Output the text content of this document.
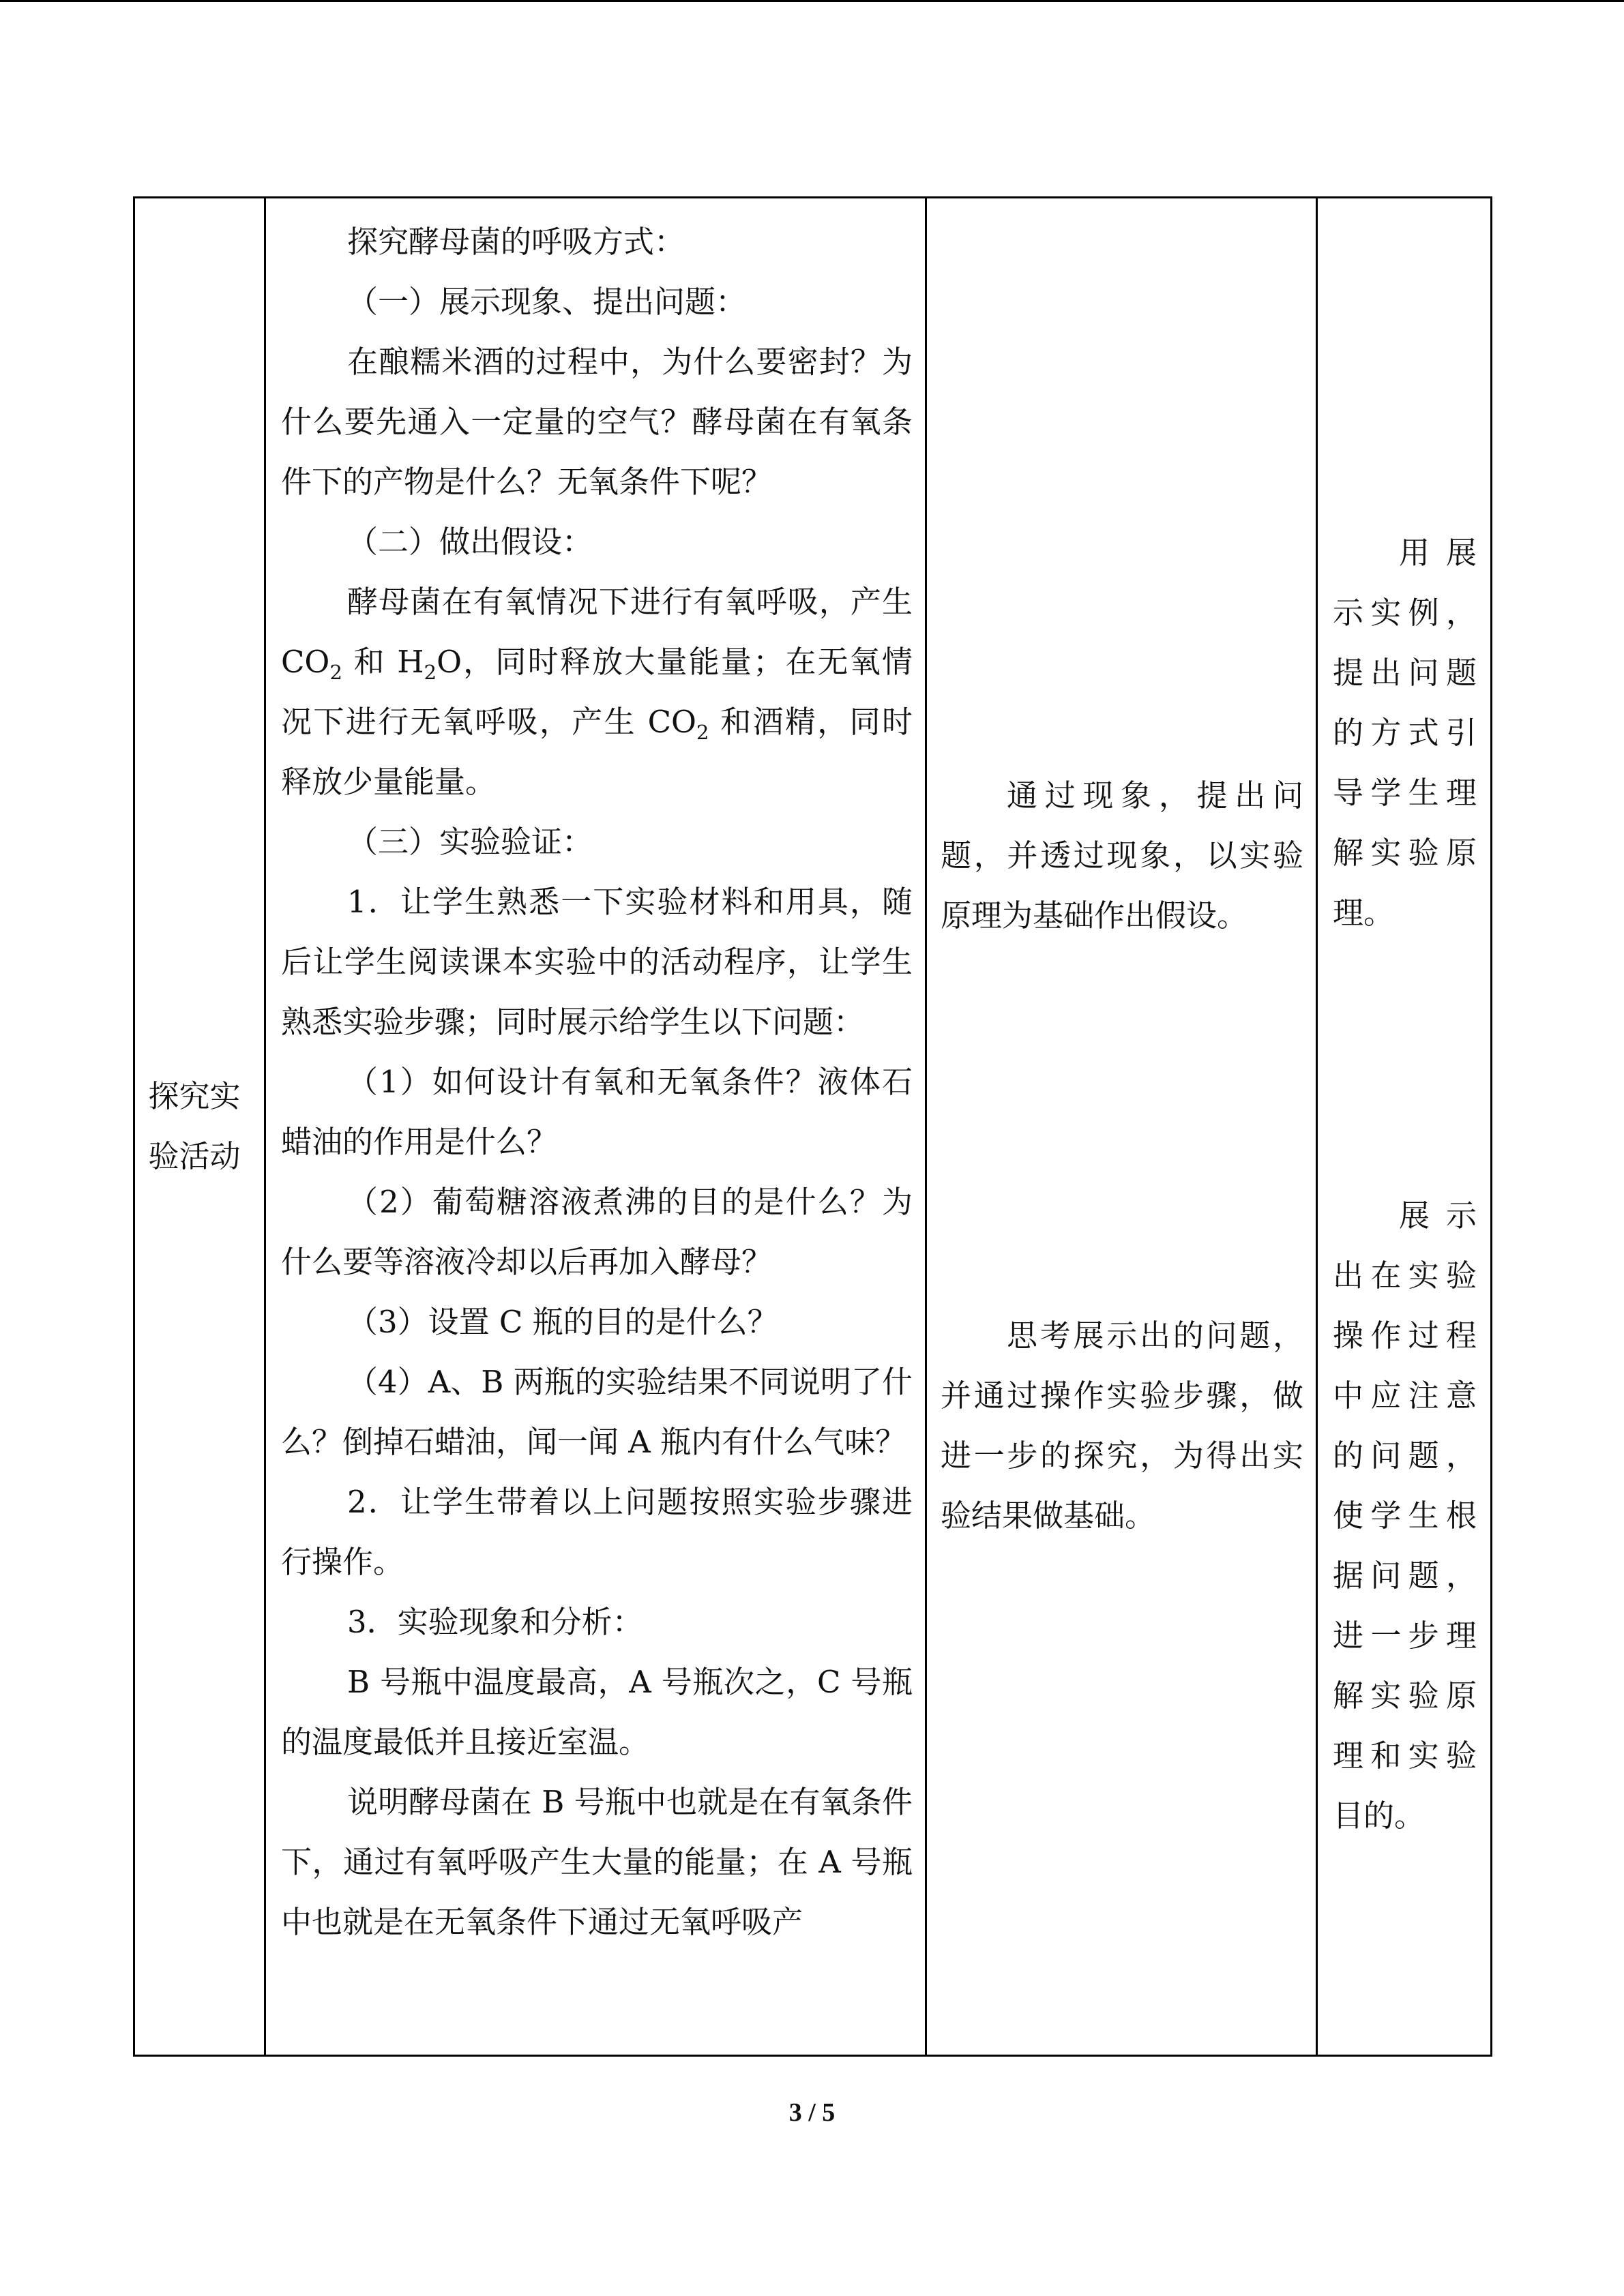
探究实验活动

探究酵母菌的呼吸方式：

（一）展示现象、提出问题：

在酿糯米酒的过程中，为什么要密封？为什么要先通入一定量的空气？酵母菌在有氧条件下的产物是什么？无氧条件下呢？

（二）做出假设：

酵母菌在有氧情况下进行有氧呼吸，产生 $CO_2$ 和 $H_2O$，同时释放大量能量；在无氧情况下进行无氧呼吸，产生 $CO_2$ 和酒精，同时释放少量能量。

（三）实验验证：

1．让学生熟悉一下实验材料和用具，随后让学生阅读课本实验中的活动程序，让学生熟悉实验步骤；同时展示给学生以下问题：

（1）如何设计有氧和无氧条件？液体石蜡油的作用是什么？

（2）葡萄糖溶液煮沸的目的是什么？为什么要等溶液冷却以后再加入酵母？

（3）设置 C 瓶的目的是什么？

（4）A、B 两瓶的实验结果不同说明了什么？倒掉石蜡油，闻一闻 A 瓶内有什么气味？

2．让学生带着以上问题按照实验步骤进行操作。

3．实验现象和分析：

B 号瓶中温度最高，A 号瓶次之，C 号瓶的温度最低并且接近室温。

说明酵母菌在 B 号瓶中也就是在有氧条件下，通过有氧呼吸产生大量的能量；在 A 号瓶中也就是在无氧条件下通过无氧呼吸产

通过现象，提出问题，并透过现象，以实验原理为基础作出假设。

思考展示出的问题，并通过操作实验步骤，做进一步的探究，为得出实验结果做基础。

用展示实例，提出问题的方式引导学生理解实验原理。

展示出在实验操作过程中应注意的问题，使学生根据问题，进一步理解实验原理和实验目的。

3 / 5
